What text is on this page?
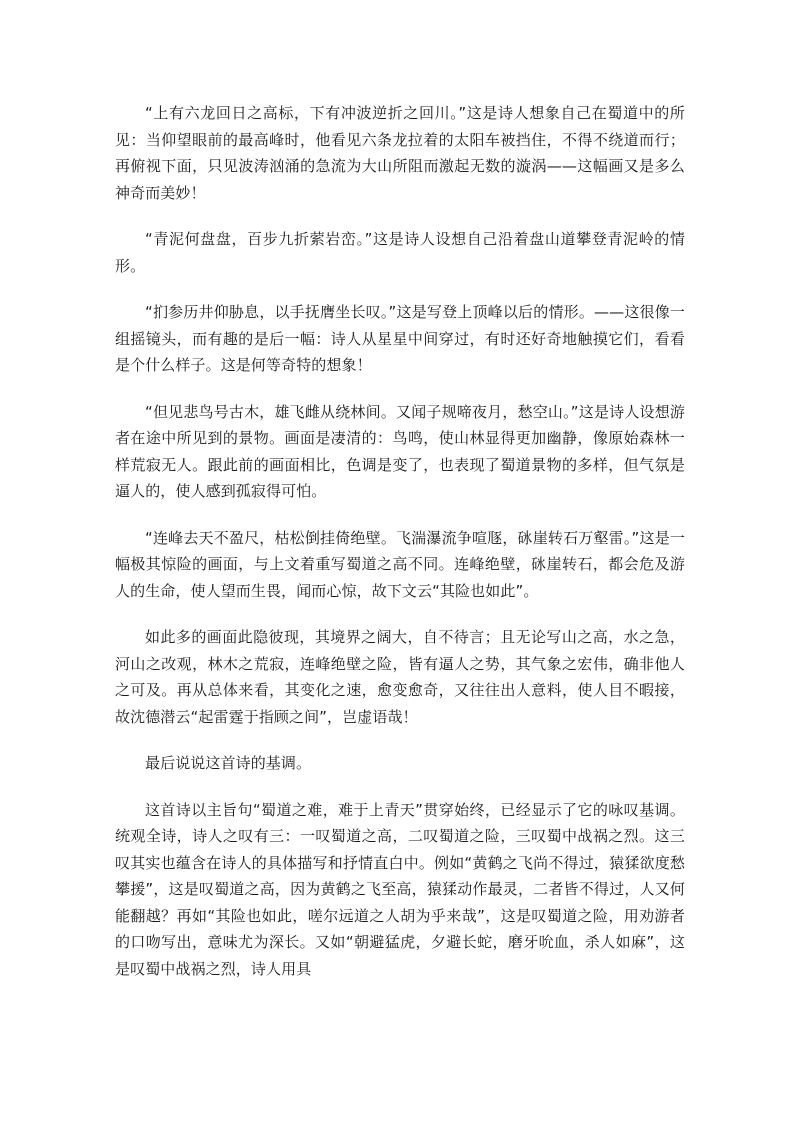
“上有六龙回日之高标，下有冲波逆折之回川。”这是诗人想象自己在蜀道中的所见：当仰望眼前的最高峰时，他看见六条龙拉着的太阳车被挡住，不得不绕道而行；再俯视下面，只见波涛汹涌的急流为大山所阻而激起无数的漩涡——这幅画又是多么神奇而美妙！

“青泥何盘盘，百步九折萦岩峦。”这是诗人设想自己沿着盘山道攀登青泥岭的情形。

“扪参历井仰胁息，以手抚膺坐长叹。”这是写登上顶峰以后的情形。——这很像一组摇镜头，而有趣的是后一幅：诗人从星星中间穿过，有时还好奇地触摸它们，看看是个什么样子。这是何等奇特的想象！

“但见悲鸟号古木，雄飞雌从绕林间。又闻子规啼夜月，愁空山。”这是诗人设想游者在途中所见到的景物。画面是凄清的：鸟鸣，使山林显得更加幽静，像原始森林一样荒寂无人。跟此前的画面相比，色调是变了，也表现了蜀道景物的多样，但气氛是逼人的，使人感到孤寂得可怕。

“连峰去天不盈尺，枯松倒挂倚绝壁。飞湍瀑流争喧豗，砯崖转石万壑雷。”这是一幅极其惊险的画面，与上文着重写蜀道之高不同。连峰绝壁，砯崖转石，都会危及游人的生命，使人望而生畏，闻而心惊，故下文云“其险也如此”。

如此多的画面此隐彼现，其境界之阔大，自不待言；且无论写山之高，水之急，河山之改观，林木之荒寂，连峰绝壁之险，皆有逼人之势，其气象之宏伟，确非他人之可及。再从总体来看，其变化之速，愈变愈奇，又往往出人意料，使人目不暇接，故沈德潜云“起雷霆于指顾之间”，岂虚语哉！

最后说说这首诗的基调。

这首诗以主旨句“蜀道之难，难于上青天”贯穿始终，已经显示了它的咏叹基调。统观全诗，诗人之叹有三：一叹蜀道之高，二叹蜀道之险，三叹蜀中战祸之烈。这三叹其实也蕴含在诗人的具体描写和抒情直白中。例如“黄鹤之飞尚不得过，猿猱欲度愁攀援”，这是叹蜀道之高，因为黄鹤之飞至高，猿猱动作最灵，二者皆不得过，人又何能翻越？再如“其险也如此，嗟尔远道之人胡为乎来哉”，这是叹蜀道之险，用劝游者的口吻写出，意味尤为深长。又如“朝避猛虎，夕避长蛇，磨牙吮血，杀人如麻”，这是叹蜀中战祸之烈，诗人用具
